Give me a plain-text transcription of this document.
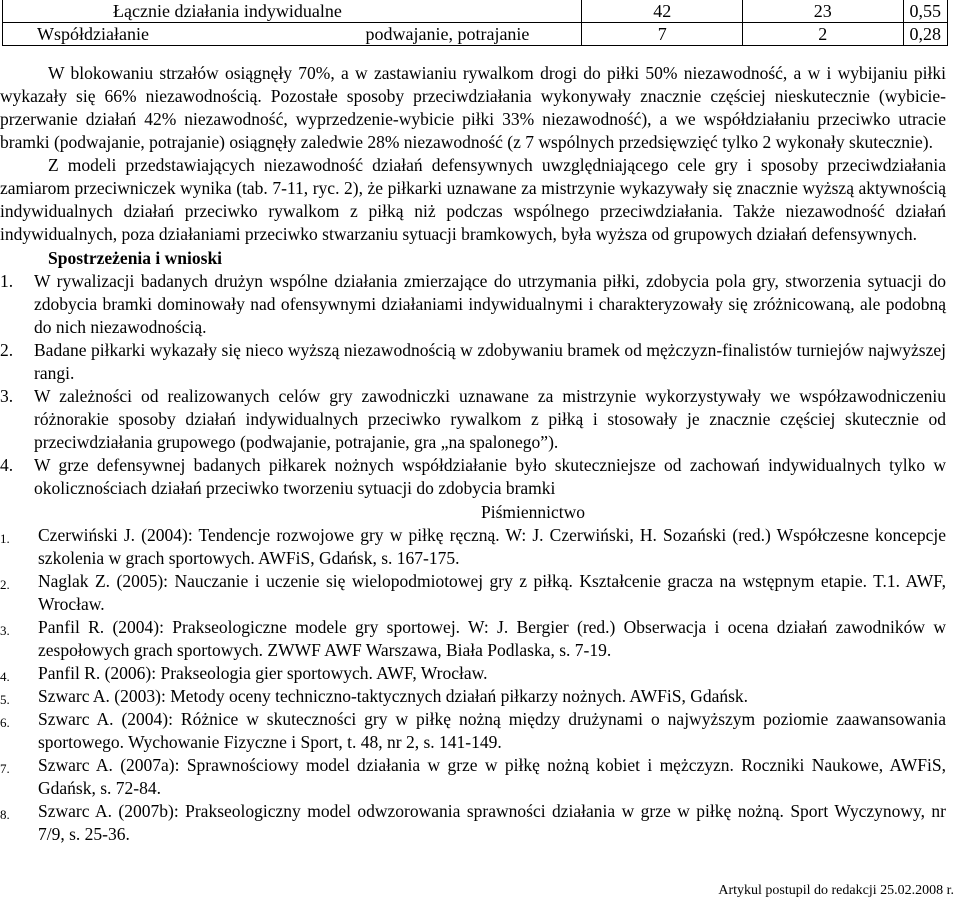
Łącznie działania indywidualne	42	23	0,55

Współdziałanie podwajanie, potrajanie	7	2	0,28

W blokowaniu strzałów osiągnęły 70%, a w zastawianiu rywalkom drogi do piłki 50% niezawodność, a w i wybijaniu piłki wykazały się 66% niezawodnością. Pozostałe sposoby przeciwdziałania wykonywały znacznie częściej nieskutecznie (wybicie-przerwanie działań 42% niezawodność, wyprzedzenie-wybicie piłki 33% niezawodność), a we współdziałaniu przeciwko utracie bramki (podwajanie, potrajanie) osiągnęły zaledwie 28% niezawodność (z 7 wspólnych przedsięwzięć tylko 2 wykonały skutecznie).

Z modeli przedstawiających niezawodność działań defensywnych uwzględniającego cele gry i sposoby przeciwdziałania zamiarom przeciwniczek wynika (tab. 7-11, ryc. 2), że piłkarki uznawane za mistrzynie wykazywały się znacznie wyższą aktywnością indywidualnych działań przeciwko rywalkom z piłką niż podczas wspólnego przeciwdziałania. Także niezawodność działań indywidualnych, poza działaniami przeciwko stwarzaniu sytuacji bramkowych, była wyższa od grupowych działań defensywnych.

Spostrzeżenia i wnioski
1. W rywalizacji badanych drużyn wspólne działania zmierzające do utrzymania piłki, zdobycia pola gry, stworzenia sytuacji do zdobycia bramki dominowały nad ofensywnymi działaniami indywidualnymi i charakteryzowały się zróżnicowaną, ale podobną do nich niezawodnością.
2. Badane piłkarki wykazały się nieco wyższą niezawodnością w zdobywaniu bramek od mężczyzn-finalistów turniejów najwyższej rangi.
3. W zależności od realizowanych celów gry zawodniczki uznawane za mistrzynie wykorzystywały we współzawodniczeniu różnorakie sposoby działań indywidualnych przeciwko rywalkom z piłką i stosowały je znacznie częściej skutecznie od przeciwdziałania grupowego (podwajanie, potrajanie, gra „na spalonego”).
4. W grze defensywnej badanych piłkarek nożnych współdziałanie było skuteczniejsze od zachowań indywidualnych tylko w okolicznościach działań przeciwko tworzeniu sytuacji do zdobycia bramki
Piśmiennictwo
1. Czerwiński J. (2004): Tendencje rozwojowe gry w piłkę ręczną. W: J. Czerwiński, H. Sozański (red.) Współczesne koncepcje szkolenia w grach sportowych. AWFiS, Gdańsk, s. 167-175.
2. Naglak Z. (2005): Nauczanie i uczenie się wielopodmiotowej gry z piłką. Kształcenie gracza na wstępnym etapie. T.1. AWF, Wrocław.
3. Panfil R. (2004): Prakseologiczne modele gry sportowej. W: J. Bergier (red.) Obserwacja i ocena działań zawodników w zespołowych grach sportowych. ZWWF AWF Warszawa, Biała Podlaska, s. 7-19.
4. Panfil R. (2006): Prakseologia gier sportowych. AWF, Wrocław.
5. Szwarc A. (2003): Metody oceny techniczno-taktycznych działań piłkarzy nożnych. AWFiS, Gdańsk.
6. Szwarc A. (2004): Różnice w skuteczności gry w piłkę nożną między drużynami o najwyższym poziomie zaawansowania sportowego. Wychowanie Fizyczne i Sport, t. 48, nr 2, s. 141-149.
7. Szwarc A. (2007a): Sprawnościowy model działania w grze w piłkę nożną kobiet i mężczyzn. Roczniki Naukowe, AWFiS, Gdańsk, s. 72-84.
8. Szwarc A. (2007b): Prakseologiczny model odwzorowania sprawności działania w grze w piłkę nożną. Sport Wyczynowy, nr 7/9, s. 25-36.
Artykul postupil do redakcji 25.02.2008 r.
